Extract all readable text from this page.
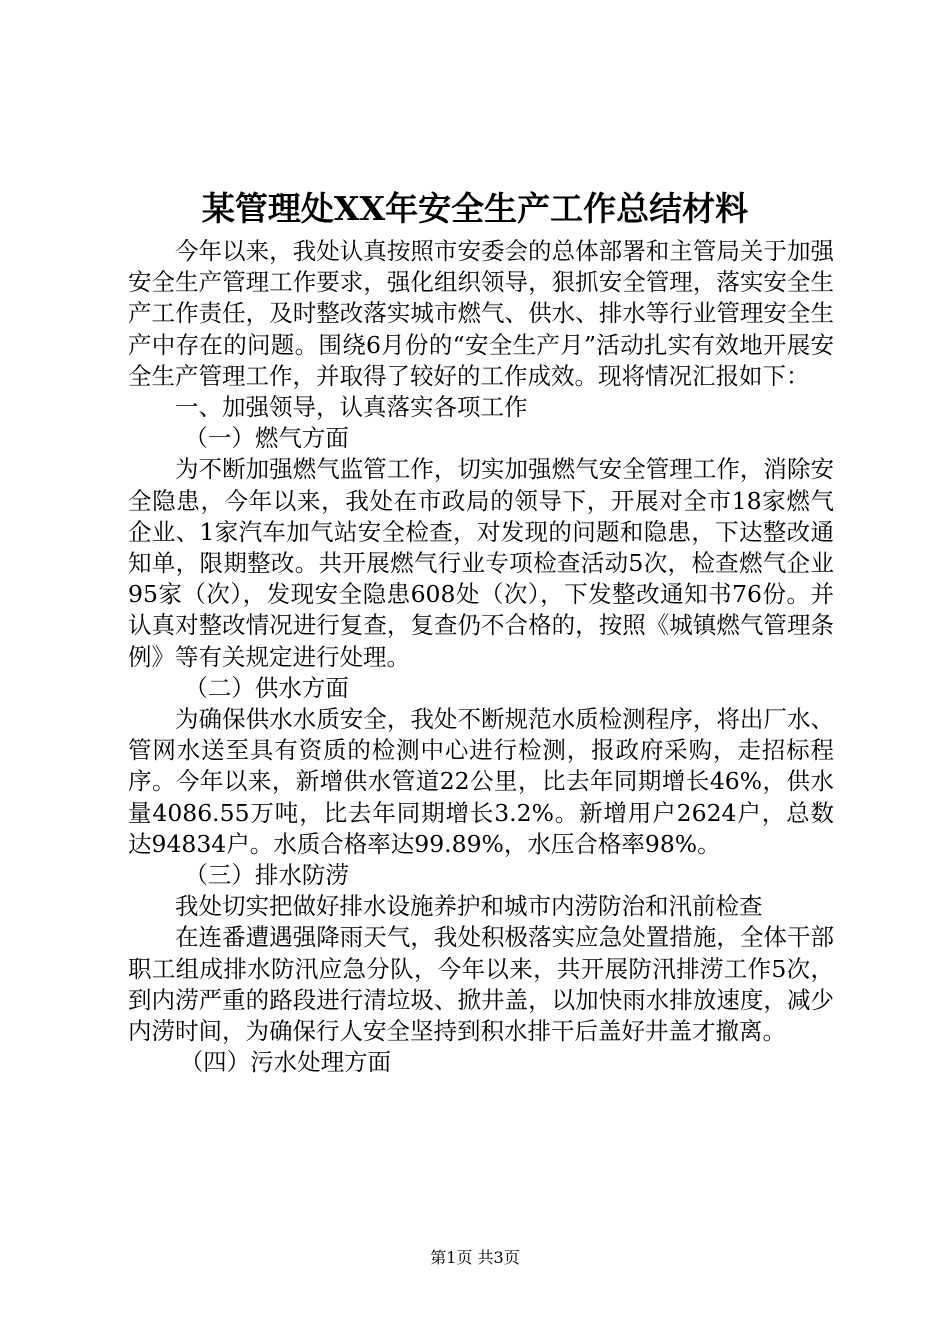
某管理处XX年安全生产工作总结材料

今年以来，我处认真按照市安委会的总体部署和主管局关于加强安全生产管理工作要求，强化组织领导，狠抓安全管理，落实安全生产工作责任，及时整改落实城市燃气、供水、排水等行业管理安全生产中存在的问题。围绕6月份的“安全生产月”活动扎实有效地开展安全生产管理工作，并取得了较好的工作成效。现将情况汇报如下：

一、加强领导，认真落实各项工作

（一）燃气方面

为不断加强燃气监管工作，切实加强燃气安全管理工作，消除安全隐患，今年以来，我处在市政局的领导下，开展对全市18家燃气企业、1家汽车加气站安全检查，对发现的问题和隐患，下达整改通知单，限期整改。共开展燃气行业专项检查活动5次，检查燃气企业95家（次），发现安全隐患608处（次），下发整改通知书76份。并认真对整改情况进行复查，复查仍不合格的，按照《城镇燃气管理条例》等有关规定进行处理。

（二）供水方面

为确保供水水质安全，我处不断规范水质检测程序，将出厂水、管网水送至具有资质的检测中心进行检测，报政府采购，走招标程序。今年以来，新增供水管道22公里，比去年同期增长46%，供水量4086.55万吨，比去年同期增长3.2%。新增用户2624户，总数达94834户。水质合格率达99.89%，水压合格率98%。

（三）排水防涝

我处切实把做好排水设施养护和城市内涝防治和汛前检查

在连番遭遇强降雨天气，我处积极落实应急处置措施，全体干部职工组成排水防汛应急分队，今年以来，共开展防汛排涝工作5次，到内涝严重的路段进行清垃圾、掀井盖，以加快雨水排放速度，减少内涝时间，为确保行人安全坚持到积水排干后盖好井盖才撤离。

（四）污水处理方面

第1页 共3页
